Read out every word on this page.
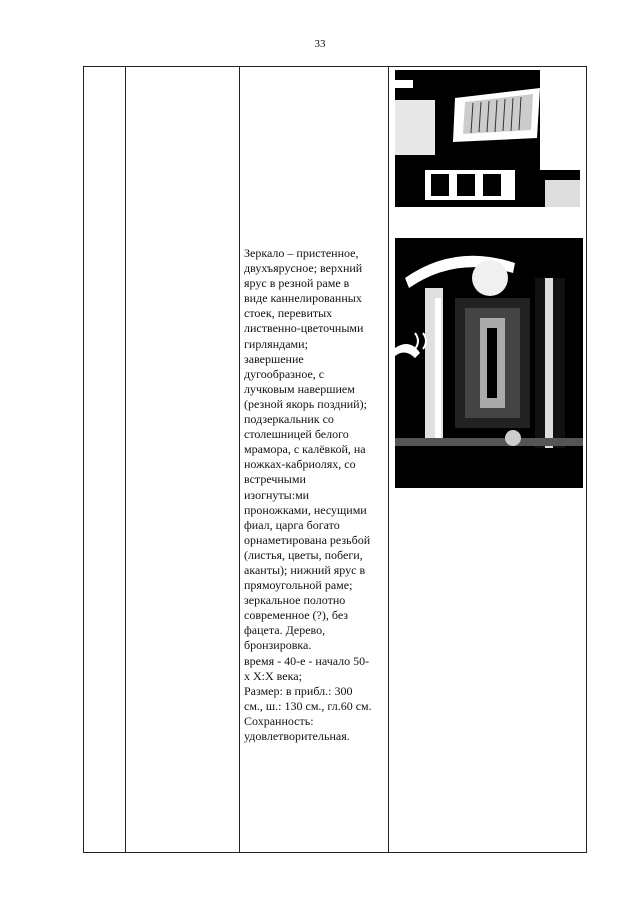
33
Зеркало – пристенное,
двухъярусное; верхний
ярус в резной раме в
виде каннелированных
стоек, перевитых
лиственно-цветочными
гирляндами;
завершение
дугообразное, с
лучковым навершием
(резной якорь поздний);
подзеркальник со
столешницей белого
мрамора, с калёвкой, на
ножках-кабриолях, со
встречными
изогнуты:ми
проножками, несущими
фиал, царга богато
орнаметирована резьбой
(листья, цветы, побеги,
аканты); нижний ярус в
прямоугольной раме;
зеркальное полотно
современное (?), без
фацета. Дерево,
бронзировка.
время - 40-е - начало 50-
х Х:Х века;
Размер: в прибл.: 300
см., ш.: 130 см., гл.60 см.
Сохранность:
удовлетворительная.
